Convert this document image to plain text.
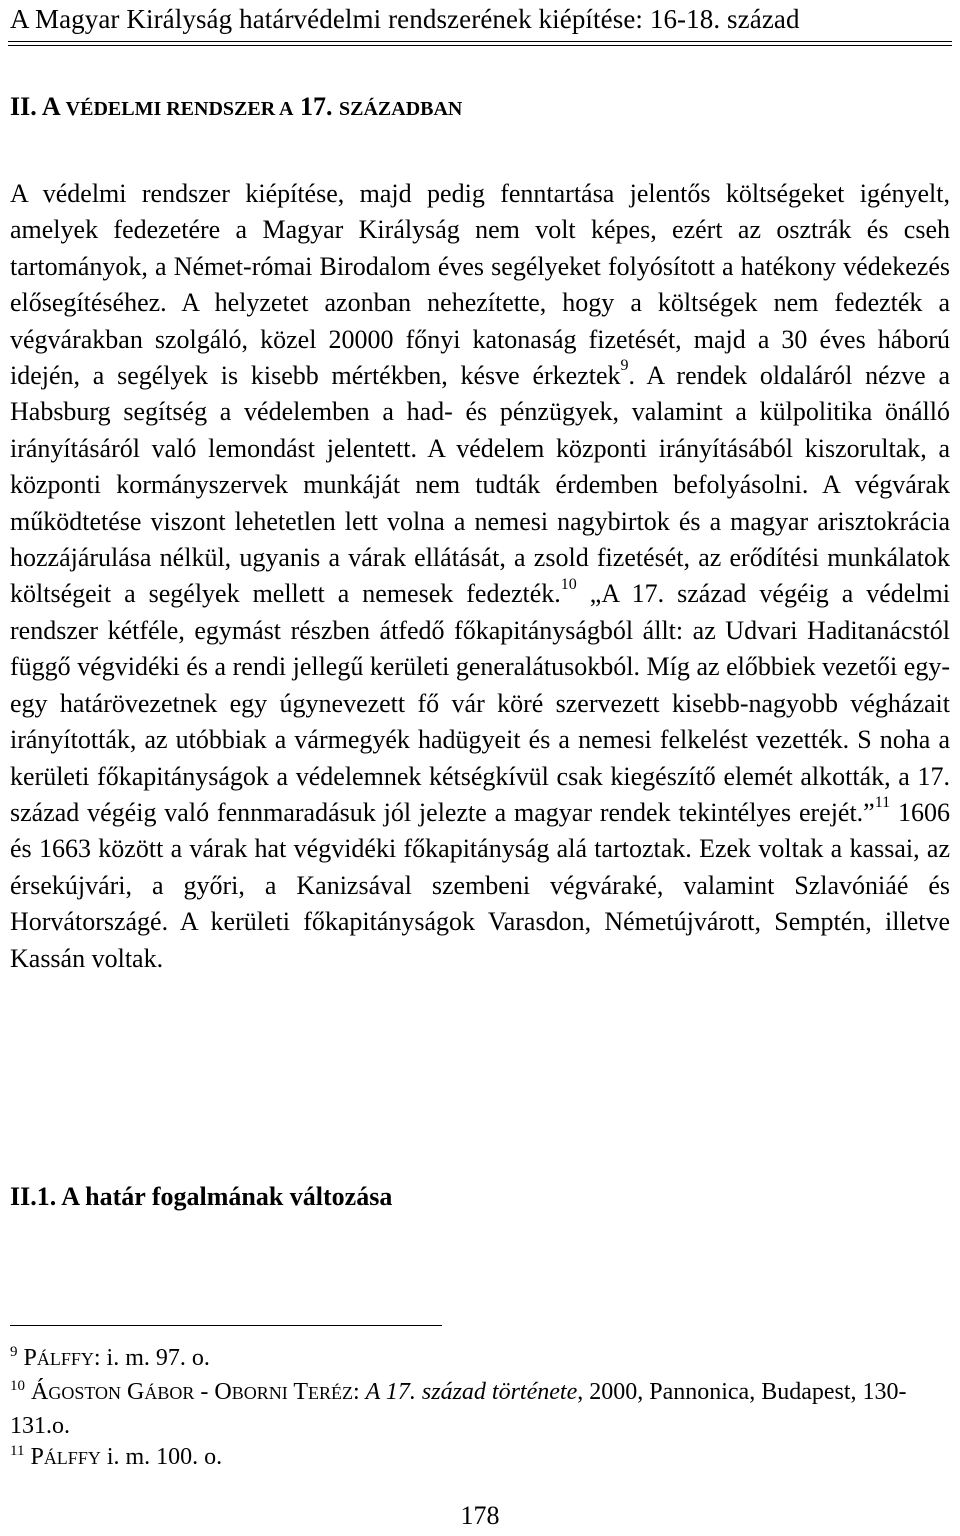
A Magyar Királyság határvédelmi rendszerének kiépítése: 16-18. század
II. A VÉDELMI RENDSZER A 17. SZÁZADBAN

A védelmi rendszer kiépítése, majd pedig fenntartása jelentős költségeket igényelt, amelyek fedezetére a Magyar Királyság nem volt képes, ezért az osztrák és cseh tartományok, a Német-római Birodalom éves segélyeket folyósított a hatékony védekezés elősegítéséhez. A helyzetet azonban nehezítette, hogy a költségek nem fedezték a végvárakban szolgáló, közel 20000 főnyi katonaság fizetését, majd a 30 éves háború idején, a segélyek is kisebb mértékben, késve érkeztek$^9$. A rendek oldaláról nézve a Habsburg segítség a védelemben a had- és pénzügyek, valamint a külpolitika önálló irányításáról való lemondást jelentett. A védelem központi irányításából kiszorultak, a központi kormányszervek munkáját nem tudták érdemben befolyásolni. A végvárak működtetése viszont lehetetlen lett volna a nemesi nagybirtok és a magyar arisztokrácia hozzájárulása nélkül, ugyanis a várak ellátását, a zsold fizetését, az erődítési munkálatok költségeit a segélyek mellett a nemesek fedezték.$^{10}$ „A 17. század végéig a védelmi rendszer kétféle, egymást részben átfedő főkapitányságból állt: az Udvari Haditanácstól függő végvidéki és a rendi jellegű kerületi generalátusokból. Míg az előbbiek vezetői egy-egy határövezetnek egy úgynevezett fő vár köré szervezett kisebb-nagyobb végházait irányították, az utóbbiak a vármegyék hadügyeit és a nemesi felkelést vezették. S noha a kerületi főkapitányságok a védelemnek kétségkívül csak kiegészítő elemét alkották, a 17. század végéig való fennmaradásuk jól jelezte a magyar rendek tekintélyes erejét.”$^{11}$ 1606 és 1663 között a várak hat végvidéki főkapitányság alá tartoztak. Ezek voltak a kassai, az érsekújvári, a győri, a Kanizsával szembeni végváraké, valamint Szlavóniáé és Horvátországé. A kerületi főkapitányságok Varasdon, Németújvárott, Semptén, illetve Kassán voltak.

II.1. A határ fogalmának változása

$^9$ PÁLFFY: i. m. 97. o.

$^{10}$ ÁGOSTON GÁBOR - OBORNI TERÉZ: A 17. század története, 2000, Pannonica, Budapest, 130-131.o.

$^{11}$ PÁLFFY i. m. 100. o.

178
